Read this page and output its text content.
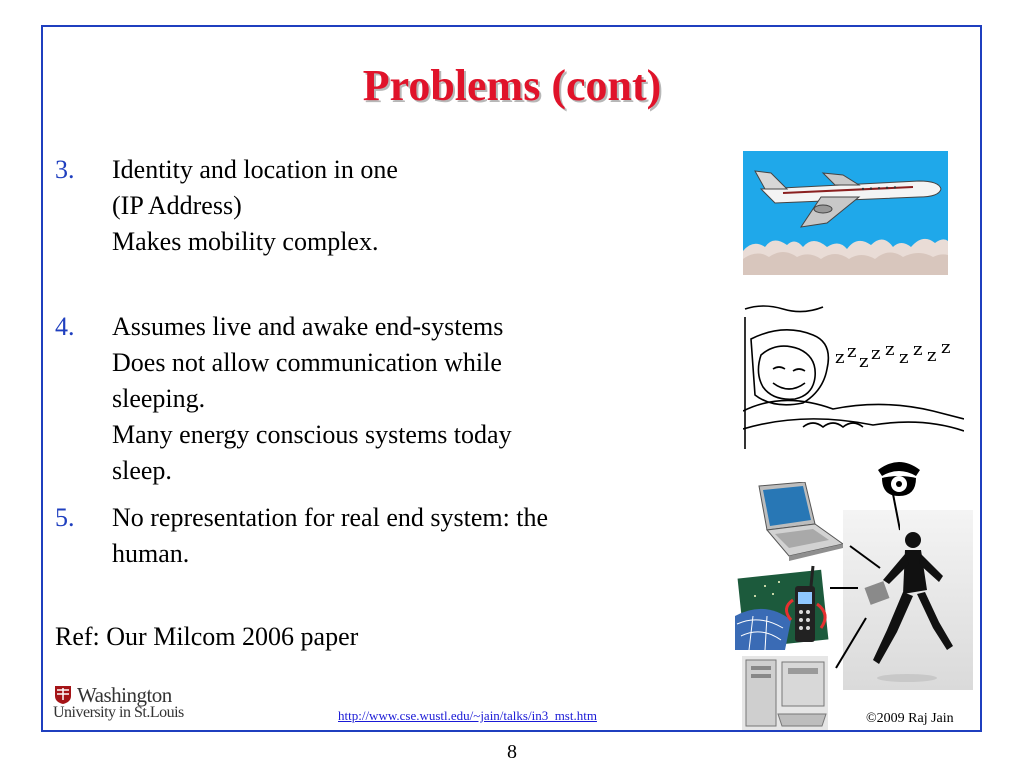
Problems (cont)
3. Identity and location in one
(IP Address)
Makes mobility complex.
4. Assumes live and awake end-systems
Does not allow communication while
sleeping.
Many energy conscious systems today
sleep.
5. No representation for real end system: the
human.
Ref: Our Milcom 2006 paper
z z z z z z z z z
Washington
University in St.Louis	http://www.cse.wustl.edu/~jain/talks/in3_mst.htm	©2009 Raj Jain
8
